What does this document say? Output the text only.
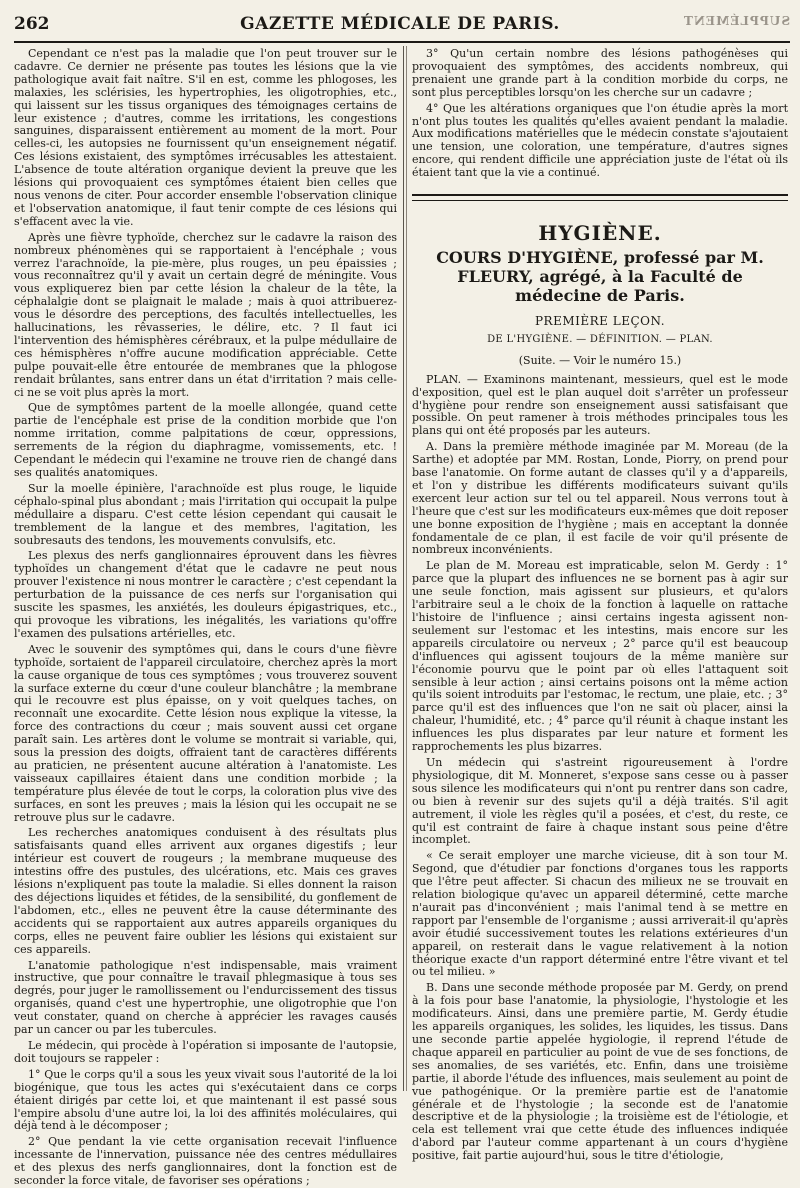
262	GAZETTE MÉDICALE DE PARIS.	SUPPLÉMENT

Cependant ce n'est pas la maladie que l'on peut trouver sur le cadavre. Ce dernier ne présente pas toutes les lésions que la vie pathologique avait fait naître. S'il en est, comme les phlogoses, les malaxies, les sclérisies, les hypertrophies, les oligotrophies, etc., qui laissent sur les tissus organiques des témoignages certains de leur existence ; d'autres, comme les irritations, les congestions sanguines, disparaissent entièrement au moment de la mort. Pour celles-ci, les autopsies ne fournissent qu'un enseignement négatif. Ces lésions existaient, des symptômes irrécusables les attestaient. L'absence de toute altération organique devient la preuve que les lésions qui provoquaient ces symptômes étaient bien celles que nous venons de citer. Pour accorder ensemble l'observation clinique et l'observation anatomique, il faut tenir compte de ces lésions qui s'effacent avec la vie.

Après une fièvre typhoïde, cherchez sur le cadavre la raison des nombreux phénomènes qui se rapportaient à l'encéphale ; vous verrez l'arachnoïde, la pie-mère, plus rouges, un peu épaissies ; vous reconnaîtrez qu'il y avait un certain degré de méningite. Vous vous expliquerez bien par cette lésion la chaleur de la tête, la céphalalgie dont se plaignait le malade ; mais à quoi attribuerez-vous le désordre des perceptions, des facultés intellectuelles, les hallucinations, les rêvasseries, le délire, etc. ? Il faut ici l'intervention des hémisphères cérébraux, et la pulpe médullaire de ces hémisphères n'offre aucune modification appréciable. Cette pulpe pouvait-elle être entourée de membranes que la phlogose rendait brûlantes, sans entrer dans un état d'irritation ? mais celle-ci ne se voit plus après la mort.

Que de symptômes partent de la moelle allongée, quand cette partie de l'encéphale est prise de la condition morbide que l'on nomme irritation, comme palpitations de cœur, oppressions, serrements de la région du diaphragme, vomissements, etc. ! Cependant le médecin qui l'examine ne trouve rien de changé dans ses qualités anatomiques.

Sur la moelle épinière, l'arachnoïde est plus rouge, le liquide céphalo-spinal plus abondant ; mais l'irritation qui occupait la pulpe médullaire a disparu. C'est cette lésion cependant qui causait le tremblement de la langue et des membres, l'agitation, les soubresauts des tendons, les mouvements convulsifs, etc.

Les plexus des nerfs ganglionnaires éprouvent dans les fièvres typhoïdes un changement d'état que le cadavre ne peut nous prouver l'existence ni nous montrer le caractère ; c'est cependant la perturbation de la puissance de ces nerfs sur l'organisation qui suscite les spasmes, les anxiétés, les douleurs épigastriques, etc., qui provoque les vibrations, les inégalités, les variations qu'offre l'examen des pulsations artérielles, etc.

Avec le souvenir des symptômes qui, dans le cours d'une fièvre typhoïde, sortaient de l'appareil circulatoire, cherchez après la mort la cause organique de tous ces symptômes ; vous trouverez souvent la surface externe du cœur d'une couleur blanchâtre ; la membrane qui le recouvre est plus épaisse, on y voit quelques taches, on reconnaît une exocardite. Cette lésion nous explique la vitesse, la force des contractions du cœur ; mais souvent aussi cet organe paraît sain. Les artères dont le volume se montrait si variable, qui, sous la pression des doigts, offraient tant de caractères différents au praticien, ne présentent aucune altération à l'anatomiste. Les vaisseaux capillaires étaient dans une condition morbide ; la température plus élevée de tout le corps, la coloration plus vive des surfaces, en sont les preuves ; mais la lésion qui les occupait ne se retrouve plus sur le cadavre.

Les recherches anatomiques conduisent à des résultats plus satisfaisants quand elles arrivent aux organes digestifs ; leur intérieur est couvert de rougeurs ; la membrane muqueuse des intestins offre des pustules, des ulcérations, etc. Mais ces graves lésions n'expliquent pas toute la maladie. Si elles donnent la raison des déjections liquides et fétides, de la sensibilité, du gonflement de l'abdomen, etc., elles ne peuvent être la cause déterminante des accidents qui se rapportaient aux autres appareils organiques du corps, elles ne peuvent faire oublier les lésions qui existaient sur ces appareils.

L'anatomie pathologique n'est indispensable, mais vraiment instructive, que pour connaître le travail phlegmasique à tous ses degrés, pour juger le ramollissement ou l'endurcissement des tissus organisés, quand c'est une hypertrophie, une oligotrophie que l'on veut constater, quand on cherche à apprécier les ravages causés par un cancer ou par les tubercules.

Le médecin, qui procède à l'opération si imposante de l'autopsie, doit toujours se rappeler :

1° Que le corps qu'il a sous les yeux vivait sous l'autorité de la loi biogénique, que tous les actes qui s'exécutaient dans ce corps étaient dirigés par cette loi, et que maintenant il est passé sous l'empire absolu d'une autre loi, la loi des affinités moléculaires, qui déjà tend à le décomposer ;

2° Que pendant la vie cette organisation recevait l'influence incessante de l'innervation, puissance née des centres médullaires et des plexus des nerfs ganglionnaires, dont la fonction est de seconder la force vitale, de favoriser ses opérations ;

3° Qu'un certain nombre des lésions pathogénèses qui provoquaient des symptômes, des accidents nombreux, qui prenaient une grande part à la condition morbide du corps, ne sont plus perceptibles lorsqu'on les cherche sur un cadavre ;

4° Que les altérations organiques que l'on étudie après la mort n'ont plus toutes les qualités qu'elles avaient pendant la maladie. Aux modifications matérielles que le médecin constate s'ajoutaient une tension, une coloration, une température, d'autres signes encore, qui rendent difficile une appréciation juste de l'état où ils étaient tant que la vie a continué.

HYGIÈNE.
COURS D'HYGIÈNE, professé par M. FLEURY, agrégé, à la Faculté de médecine de Paris.
PREMIÈRE LEÇON.
DE L'HYGIÈNE. — DÉFINITION. — PLAN.
(Suite. — Voir le numéro 15.)

PLAN. — Examinons maintenant, messieurs, quel est le mode d'exposition, quel est le plan auquel doit s'arrêter un professeur d'hygiène pour rendre son enseignement aussi satisfaisant que possible. On peut ramener à trois méthodes principales tous les plans qui ont été proposés par les auteurs.

A. Dans la première méthode imaginée par M. Moreau (de la Sarthe) et adoptée par MM. Rostan, Londe, Piorry, on prend pour base l'anatomie. On forme autant de classes qu'il y a d'appareils, et l'on y distribue les différents modificateurs suivant qu'ils exercent leur action sur tel ou tel appareil. Nous verrons tout à l'heure que c'est sur les modificateurs eux-mêmes que doit reposer une bonne exposition de l'hygiène ; mais en acceptant la donnée fondamentale de ce plan, il est facile de voir qu'il présente de nombreux inconvénients.

Le plan de M. Moreau est impraticable, selon M. Gerdy : 1° parce que la plupart des influences ne se bornent pas à agir sur une seule fonction, mais agissent sur plusieurs, et qu'alors l'arbitraire seul a le choix de la fonction à laquelle on rattache l'histoire de l'influence ; ainsi certains ingesta agissent non-seulement sur l'estomac et les intestins, mais encore sur les appareils circulatoire ou nerveux ; 2° parce qu'il est beaucoup d'influences qui agissent toujours de la même manière sur l'économie pourvu que le point par où elles l'attaquent soit sensible à leur action ; ainsi certains poisons ont la même action qu'ils soient introduits par l'estomac, le rectum, une plaie, etc. ; 3° parce qu'il est des influences que l'on ne sait où placer, ainsi la chaleur, l'humidité, etc. ; 4° parce qu'il réunit à chaque instant les influences les plus disparates par leur nature et forment les rapprochements les plus bizarres.

Un médecin qui s'astreint rigoureusement à l'ordre physiologique, dit M. Monneret, s'expose sans cesse ou à passer sous silence les modificateurs qui n'ont pu rentrer dans son cadre, ou bien à revenir sur des sujets qu'il a déjà traités. S'il agit autrement, il viole les règles qu'il a posées, et c'est, du reste, ce qu'il est contraint de faire à chaque instant sous peine d'être incomplet.

« Ce serait employer une marche vicieuse, dit à son tour M. Segond, que d'étudier par fonctions d'organes tous les rapports que l'être peut affecter. Si chacun des milieux ne se trouvait en relation biologique qu'avec un appareil déterminé, cette marche n'aurait pas d'inconvénient ; mais l'animal tend à se mettre en rapport par l'ensemble de l'organisme ; aussi arriverait-il qu'après avoir étudié successivement toutes les relations extérieures d'un appareil, on resterait dans le vague relativement à la notion théorique exacte d'un rapport déterminé entre l'être vivant et tel ou tel milieu. »

B. Dans une seconde méthode proposée par M. Gerdy, on prend à la fois pour base l'anatomie, la physiologie, l'hystologie et les modificateurs. Ainsi, dans une première partie, M. Gerdy étudie les appareils organiques, les solides, les liquides, les tissus. Dans une seconde partie appelée hygiologie, il reprend l'étude de chaque appareil en particulier au point de vue de ses fonctions, de ses anomalies, de ses variétés, etc. Enfin, dans une troisième partie, il aborde l'étude des influences, mais seulement au point de vue pathogénique. Or la première partie est de l'anatomie générale et de l'hystologie ; la seconde est de l'anatomie descriptive et de la physiologie ; la troisième est de l'étiologie, et cela est tellement vrai que cette étude des influences indiquée d'abord par l'auteur comme appartenant à un cours d'hygiène positive, fait partie aujourd'hui, sous le titre d'étiologie,
